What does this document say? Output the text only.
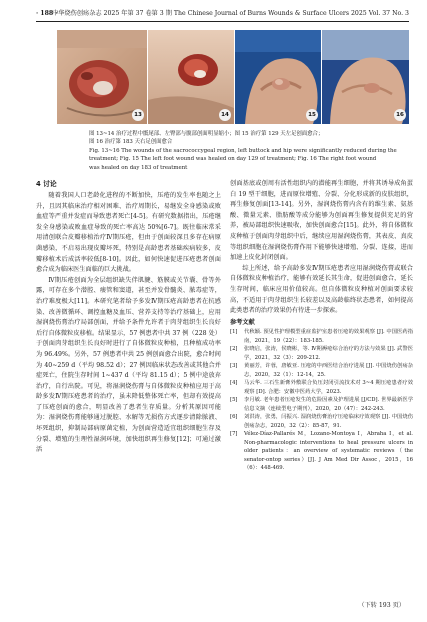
· 188 ·
中华烧伤创疡杂志 2025 年第 37 卷第 3 期 The Chinese Journal of Burns Wounds & Surface Ulcers 2025 Vol. 37 No. 3
13	14	15	16
图 13~14 治疗过程中骶尾部、左臀部与髋部创面明显缩小；图 15 治疗第 129 天左足创面愈合；
图 16 治疗第 183 天右足创面愈合
Fig. 13~16 The wounds of the sacrococcygeal region, left buttock and hip were significantly reduced during the
treatment; Fig. 15 The left foot wound was healed on day 129 of treatment; Fig. 16 The right foot wound
was healed on day 183 of treatment
4 讨论

随着我国人口老龄化进程的不断加快，压疮的发生率也随之上升，且因其临床治疗相对困难、治疗周期长，易继发全身感染或败血症等严重并发症而导致患者死亡[4-5]。有研究数据指出，压疮继发全身感染或败血症导致的死亡率高达 50%[6-7]。既往临床常采用清创联合皮瓣移植治疗Ⅳ期压疮，但由于创面较深且多存在病原菌感染，不启易出现皮瓣坏死，特别是高龄患者基础疾病较多，皮瓣移植术后成活率较低[8-10]。因此，如何快速促进压疮患者创面愈合成为临床医生面临的巨大挑战。

Ⅳ期压疮创面为全层组织缺失伴肌腱、筋膜或关节囊、骨等外露，可存在多个潜腔、瘘管和窦道，甚至并发骨髓炎、脓毒症等，治疗难度极大[11]。本研究笔者给予多发Ⅳ期压疮高龄患者在抗感染、改善微循环、调控血糖及血压、营养支持等治疗基础上，应用湿润烧伤膏治疗局部创面，并给予条件允许者于肉芽组织生长良好后行自体微粒皮移植。结果显示，57 例患者中共 37 例（228 处）于创面肉芽组织生长良好时进行了自体微粒皮种植，且种植成功率为 96.49%。另外，57 例患者中共 25 例创面愈合出院，愈合时间为 40~259 d（平均 98.52 d）；27 例因临床状态改善或其他合并症死亡，住院生存时间 1~437 d（平均 81.15 d）；5 例中途放弃治疗，自行出院。可见，将湿润烧伤膏与自体微粒皮种植应用于高龄多发Ⅳ期压疮患者的治疗，虽未降低整体死亡率，但却有效提高了压疮创面的愈合，明显改善了患者生存质量。分析其原因可能为：湿润烧伤膏能够通过脱腔、水解等无损伤方式逐步清除脓液、坏死组织，抑制局部病原菌定植，为创面营造适宜组织细胞生存及分裂、增殖的生理性湿润环境，加快组织再生修复[12]；可通过激活

创面基底或创周有活性组织内的潜能再生细胞，并将其诱导成角蛋白 19 型干细胞，进而原位增殖、分裂、分化形成新的皮肤组织，再生修复创面[13-14]。另外，湿润烧伤膏内含有的维生素、氨基酸、微量元素、脂肪酸等成分能够为创面再生修复提供充足的营养，被局部组织快速吸收，加快创面愈合[15]。此外，将自体微粒皮种植于创面肉芽组织中后，继续应用湿润烧伤膏，其表皮、真皮等组织细胞在湿润烧伤膏作用下能够快速增殖、分裂、连接，进而加速上皮化封闭创面。

综上所述，给予高龄多发Ⅳ期压疮患者应用湿润烧伤膏或联合自体微粒皮种植治疗，能够有效延长其生命，促进创面愈合，延长生存时间，临床应用价值较高。但自体微粒皮种植对创面要求较高，不适用于肉芽组织生长较差以及高龄临终状态患者，如何提高此类患者的治疗效果仍有待进一步探索。

参考文献
[1]	代秋颖. 预见性护理模型重症监护室患者压疮的效果观察 [J]. 中国医药指南，2021，19（22）：183-185.
[2]	张晓启，张涛，侯晓彬，等. Ⅳ期褥疮综合治疗的方法与效果 [J]. 武警医学，2021，32（3）：209-212.
[3]	黄丽芳，许蓉，唐敏亚. 压疮的中西医结合治疗进展 [J]. 中国烧伤创疡杂志，2020，32（1）：12-14，25.
[4]	马云华. 三石生新膏外敷联合负压封闭引流技术对 3~4 期压疮患者疗效观察 [D]. 合肥：安徽中医药大学，2023.
[5]	李月敏. 老年患者压疮发生的危险因素及护理进展 [J/CD]. 世界最新医学信息文摘（连续型电子期刊），2020，20（47）：242-243.
[6]	刘洪涛，张勇，闫振兴. 湿润烧伤膏治疗压疮临床疗效观察 [J]. 中国烧伤创疡杂志，2020，32（2）：85-87，91.
[7]	Vélez-Díaz-Pallarés M，Lozano-Montoya I，Abraha I，et al. Non-pharmacologic interventions to heal pressure ulcers in older patients：an overview of systematic reviews（the senator-ontop series）[J]. J Am Med Dir Assoc，2015，16（6）：448-469.
（下转 193 页）
